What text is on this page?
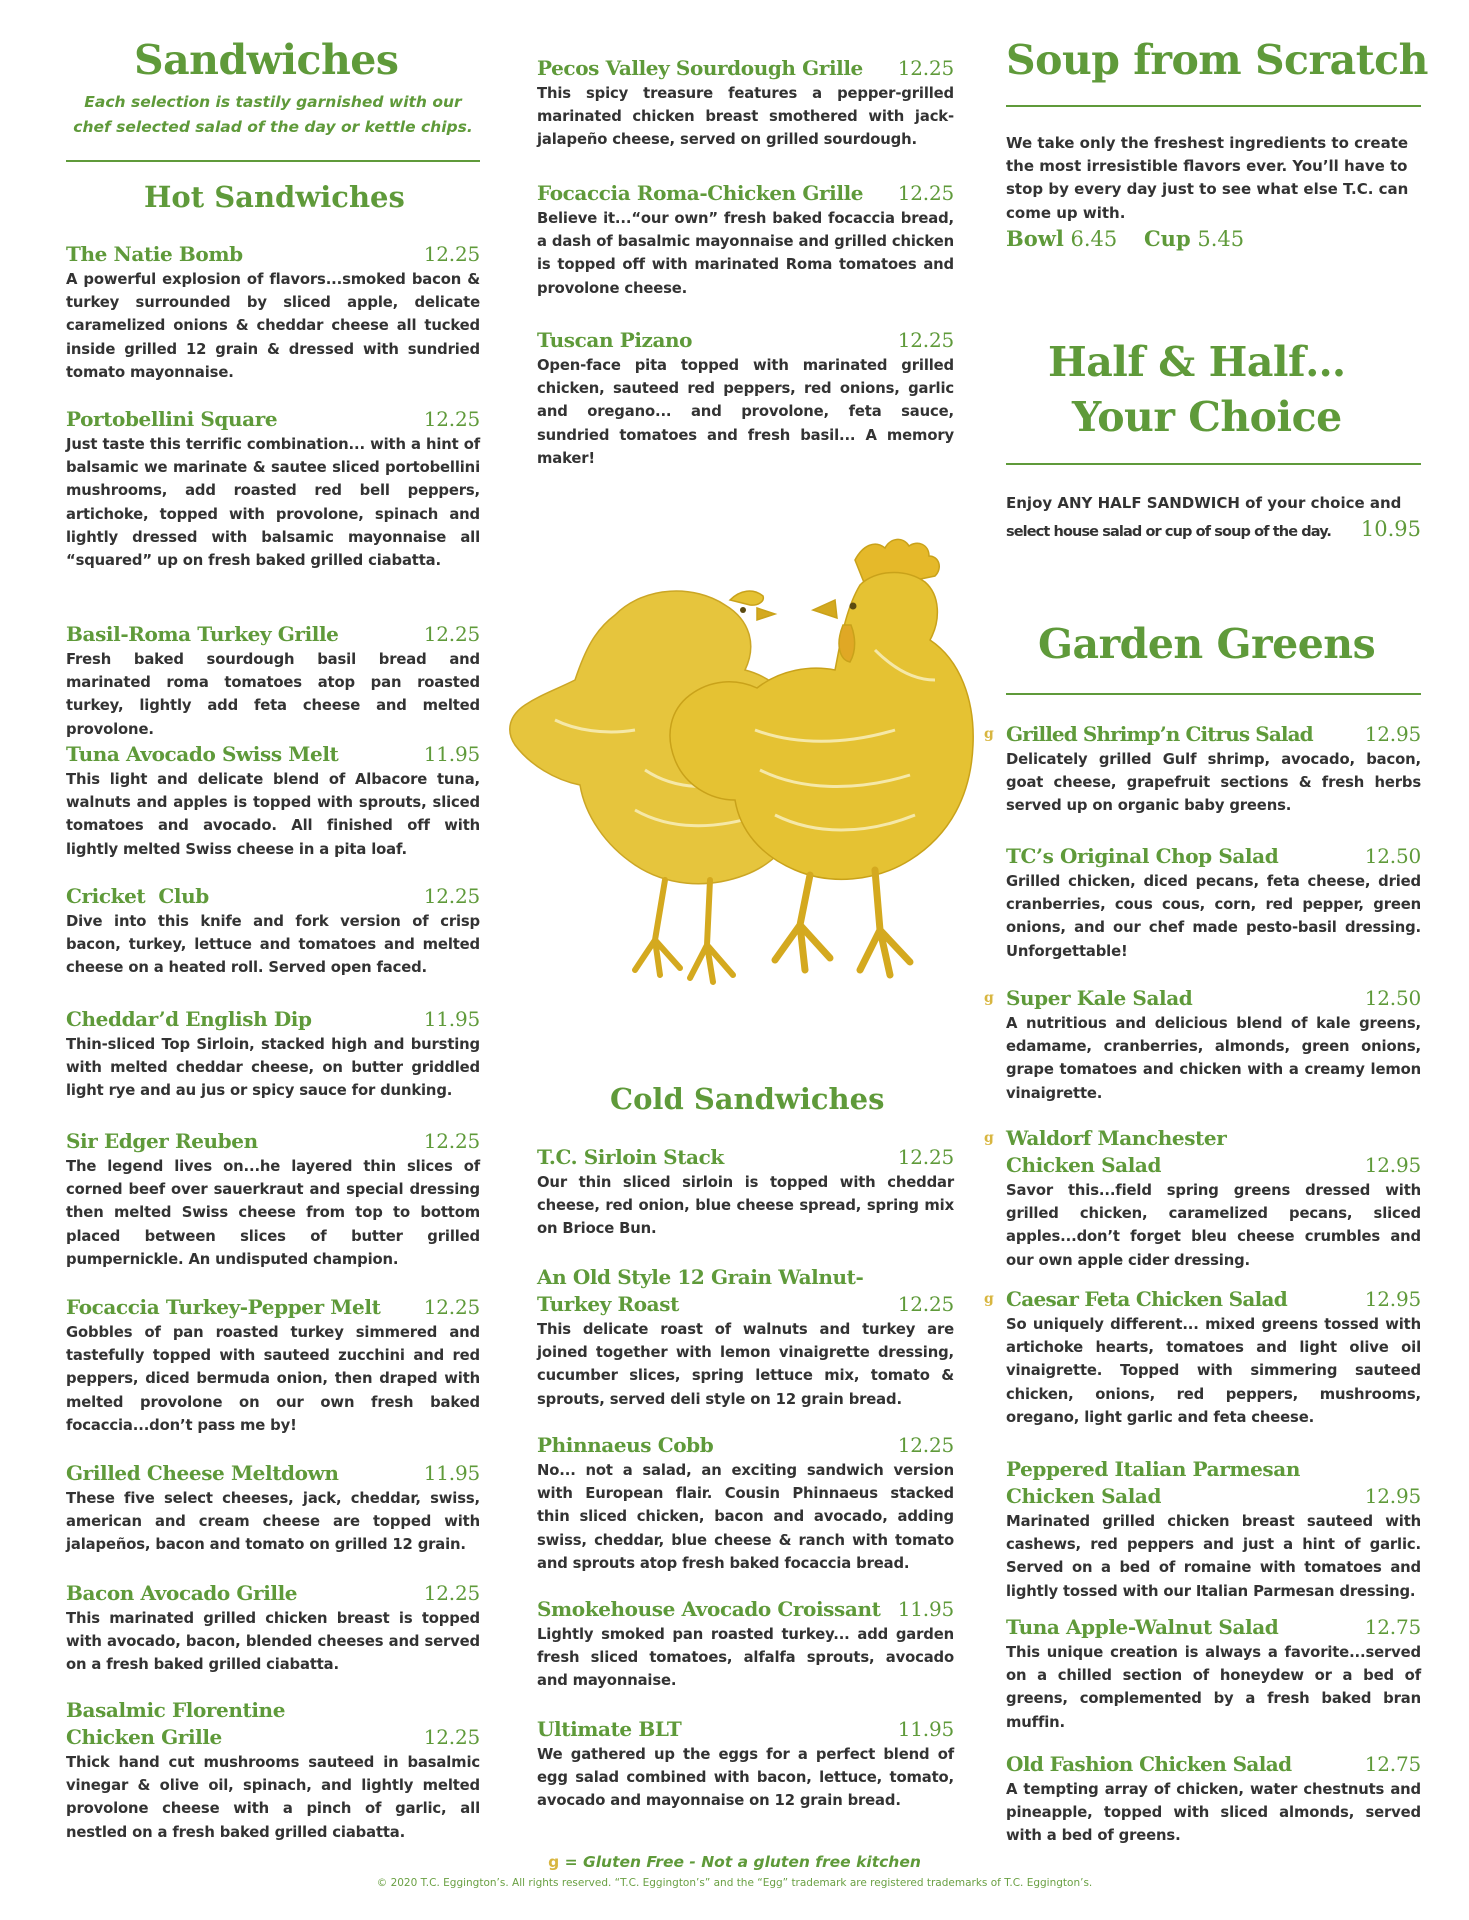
Sandwiches
Each selection is tastily garnished with our
chef selected salad of the day or kettle chips.
Hot Sandwiches
The Natie Bomb	12.25
A powerful explosion of flavors...smoked bacon & turkey surrounded by sliced apple, delicate caramelized onions & cheddar cheese all tucked inside grilled 12 grain & dressed with sundried tomato mayonnaise.
Portobellini Square	12.25
Just taste this terrific combination... with a hint of balsamic we marinate & sautee sliced portobellini mushrooms, add roasted red bell peppers, artichoke, topped with provolone, spinach and lightly dressed with balsamic mayonnaise all “squared” up on fresh baked grilled ciabatta.
Basil-Roma Turkey Grille	12.25
Fresh baked sourdough basil bread and marinated roma tomatoes atop pan roasted turkey, lightly add feta cheese and melted provolone.
Tuna Avocado Swiss Melt	11.95
This light and delicate blend of Albacore tuna, walnuts and apples is topped with sprouts, sliced tomatoes and avocado. All finished off with lightly melted Swiss cheese in a pita loaf.
Cricket  Club	12.25
Dive into this knife and fork version of crisp bacon, turkey, lettuce and tomatoes and melted cheese on a heated roll. Served open faced.
Cheddar’d English Dip	11.95
Thin-sliced Top Sirloin, stacked high and bursting with melted cheddar cheese, on butter griddled light rye and au jus or spicy sauce for dunking.
Sir Edger Reuben	12.25
The legend lives on...he layered thin slices of corned beef over sauerkraut and special dressing then melted Swiss cheese from top to bottom placed between slices of butter grilled pumpernickle. An undisputed champion.
Focaccia Turkey-Pepper Melt 12.25
Gobbles of pan roasted turkey simmered and tastefully topped with sauteed zucchini and red peppers, diced bermuda onion, then draped with melted provolone on our own fresh baked focaccia...don’t pass me by!
Grilled Cheese Meltdown	11.95
These five select cheeses, jack, cheddar, swiss, american and cream cheese are topped with jalapeños, bacon and tomato on grilled 12 grain.
Bacon Avocado Grille	12.25
This marinated grilled chicken breast is topped with avocado, bacon, blended cheeses and served on a fresh baked grilled ciabatta.
Basalmic Florentine
Chicken Grille	12.25
Thick hand cut mushrooms sauteed in basalmic vinegar & olive oil, spinach, and lightly melted provolone cheese with a pinch of garlic, all nestled on a fresh baked grilled ciabatta.
Pecos Valley Sourdough Grille 12.25
This spicy treasure features a pepper-grilled marinated chicken breast smothered with jack-jalapeño cheese, served on grilled sourdough.
Focaccia Roma-Chicken Grille 12.25
Believe it...“our own” fresh baked focaccia bread, a dash of basalmic mayonnaise and grilled chicken is topped off with marinated Roma tomatoes and provolone cheese.
Tuscan Pizano	12.25
Open-face pita topped with marinated grilled chicken, sauteed red peppers, red onions, garlic and oregano... and provolone, feta sauce, sundried tomatoes and fresh basil... A memory maker!
Cold Sandwiches
T.C. Sirloin Stack	12.25
Our thin sliced sirloin is topped with cheddar cheese, red onion, blue cheese spread, spring mix on Brioce Bun.
An Old Style 12 Grain Walnut-
Turkey Roast	12.25
This delicate roast of walnuts and turkey are joined together with lemon vinaigrette dressing, cucumber slices, spring lettuce mix, tomato & sprouts, served deli style on 12 grain bread.
Phinnaeus Cobb	12.25
No... not a salad, an exciting sandwich version with European flair. Cousin Phinnaeus stacked thin sliced chicken, bacon and avocado, adding swiss, cheddar, blue cheese & ranch with tomato and sprouts atop fresh baked focaccia bread.
Smokehouse Avocado Croissant 11.95
Lightly smoked pan roasted turkey... add garden fresh sliced tomatoes, alfalfa sprouts, avocado and mayonnaise.
Ultimate BLT	11.95
We gathered up the eggs for a perfect blend of egg salad combined with bacon, lettuce, tomato, avocado and mayonnaise on 12 grain bread.
Soup from Scratch
We take only the freshest ingredients to create the most irresistible flavors ever. You’ll have to stop by every day just to see what else T.C. can come up with.
Bowl 6.45 Cup 5.45
Half & Half…
Your Choice
Enjoy ANY HALF SANDWICH of your choice and
select house salad or cup of soup of the day. 10.95
Garden Greens
g Grilled Shrimp’n Citrus Salad	12.95
Delicately grilled Gulf shrimp, avocado, bacon, goat cheese, grapefruit sections & fresh herbs served up on organic baby greens.
TC’s Original Chop Salad	12.50
Grilled chicken, diced pecans, feta cheese, dried cranberries, cous cous, corn, red pepper, green onions, and our chef made pesto-basil dressing. Unforgettable!
g Super Kale Salad	12.50
A nutritious and delicious blend of kale greens, edamame, cranberries, almonds, green onions, grape tomatoes and chicken with a creamy lemon vinaigrette.
g Waldorf Manchester
Chicken Salad	12.95
Savor this...field spring greens dressed with grilled chicken, caramelized pecans, sliced apples...don’t forget bleu cheese crumbles and our own apple cider dressing.
g Caesar Feta Chicken Salad	12.95
So uniquely different... mixed greens tossed with artichoke hearts, tomatoes and light olive oil vinaigrette. Topped with simmering sauteed chicken, onions, red peppers, mushrooms, oregano, light garlic and feta cheese.
Peppered Italian Parmesan
Chicken Salad	12.95
Marinated grilled chicken breast sauteed with cashews, red peppers and just a hint of garlic. Served on a bed of romaine with tomatoes and lightly tossed with our Italian Parmesan dressing.
Tuna Apple-Walnut Salad	12.75
This unique creation is always a favorite...served on a chilled section of honeydew or a bed of greens, complemented by a fresh baked bran muffin.
Old Fashion Chicken Salad	12.75
A tempting array of chicken, water chestnuts and pineapple, topped with sliced almonds, served with a bed of greens.
g = Gluten Free - Not a gluten free kitchen
© 2020 T.C. Eggington’s. All rights reserved. “T.C. Eggington’s” and the “Egg” trademark are registered trademarks of T.C. Eggington’s.
